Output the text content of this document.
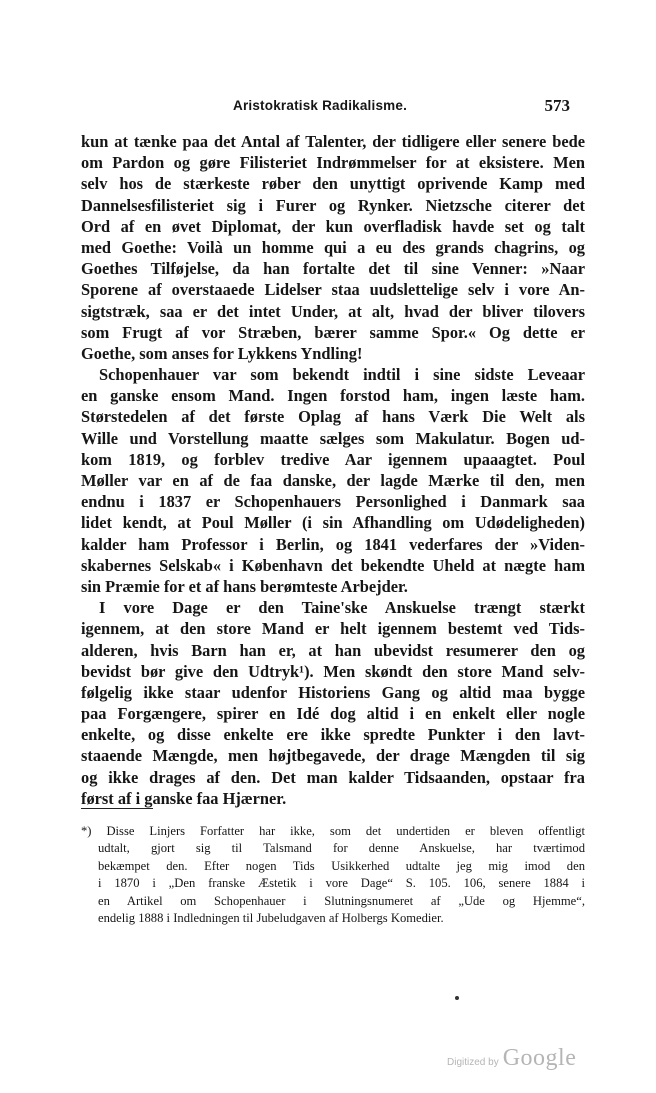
Aristokratisk Radikalisme.	573
kun at tænke paa det Antal af Talenter, der tidligere eller senere bede
om Pardon og gøre Filisteriet Indrømmelser for at eksistere. Men
selv hos de stærkeste røber den unyttigt oprivende Kamp med
Dannelsesfilisteriet sig i Furer og Rynker. Nietzsche citerer det
Ord af en øvet Diplomat, der kun overfladisk havde set og talt
med Goethe: Voilà un homme qui a eu des grands chagrins, og
Goethes Tilføjelse, da han fortalte det til sine Venner: »Naar
Sporene af overstaaede Lidelser staa uudslettelige selv i vore An-
sigtstræk, saa er det intet Under, at alt, hvad der bliver tilovers
som Frugt af vor Stræben, bærer samme Spor.« Og dette er
Goethe, som anses for Lykkens Yndling!
Schopenhauer var som bekendt indtil i sine sidste Leveaar
en ganske ensom Mand. Ingen forstod ham, ingen læste ham.
Størstedelen af det første Oplag af hans Værk Die Welt als
Wille und Vorstellung maatte sælges som Makulatur. Bogen ud-
kom 1819, og forblev tredive Aar igennem upaaagtet. Poul
Møller var en af de faa danske, der lagde Mærke til den, men
endnu i 1837 er Schopenhauers Personlighed i Danmark saa
lidet kendt, at Poul Møller (i sin Afhandling om Udødeligheden)
kalder ham Professor i Berlin, og 1841 vederfares der »Viden-
skabernes Selskab« i København det bekendte Uheld at nægte ham
sin Præmie for et af hans berømteste Arbejder.
I vore Dage er den Taine'ske Anskuelse trængt stærkt
igennem, at den store Mand er helt igennem bestemt ved Tids-
alderen, hvis Barn han er, at han ubevidst resumerer den og
bevidst bør give den Udtryk¹). Men skøndt den store Mand selv-
følgelig ikke staar udenfor Historiens Gang og altid maa bygge
paa Forgængere, spirer en Idé dog altid i en enkelt eller nogle
enkelte, og disse enkelte ere ikke spredte Punkter i den lavt-
staaende Mængde, men højtbegavede, der drage Mængden til sig
og ikke drages af den. Det man kalder Tidsaanden, opstaar fra
først af i ganske faa Hjærner.
*) Disse Linjers Forfatter har ikke, som det undertiden er bleven offentligt
udtalt, gjort sig til Talsmand for denne Anskuelse, har tværtimod
bekæmpet den. Efter nogen Tids Usikkerhed udtalte jeg mig imod den
i 1870 i „Den franske Æstetik i vore Dage“ S. 105. 106, senere 1884 i
en Artikel om Schopenhauer i Slutningsnumeret af „Ude og Hjemme“,
endelig 1888 i Indledningen til Jubeludgaven af Holbergs Komedier.
Digitized by Google
